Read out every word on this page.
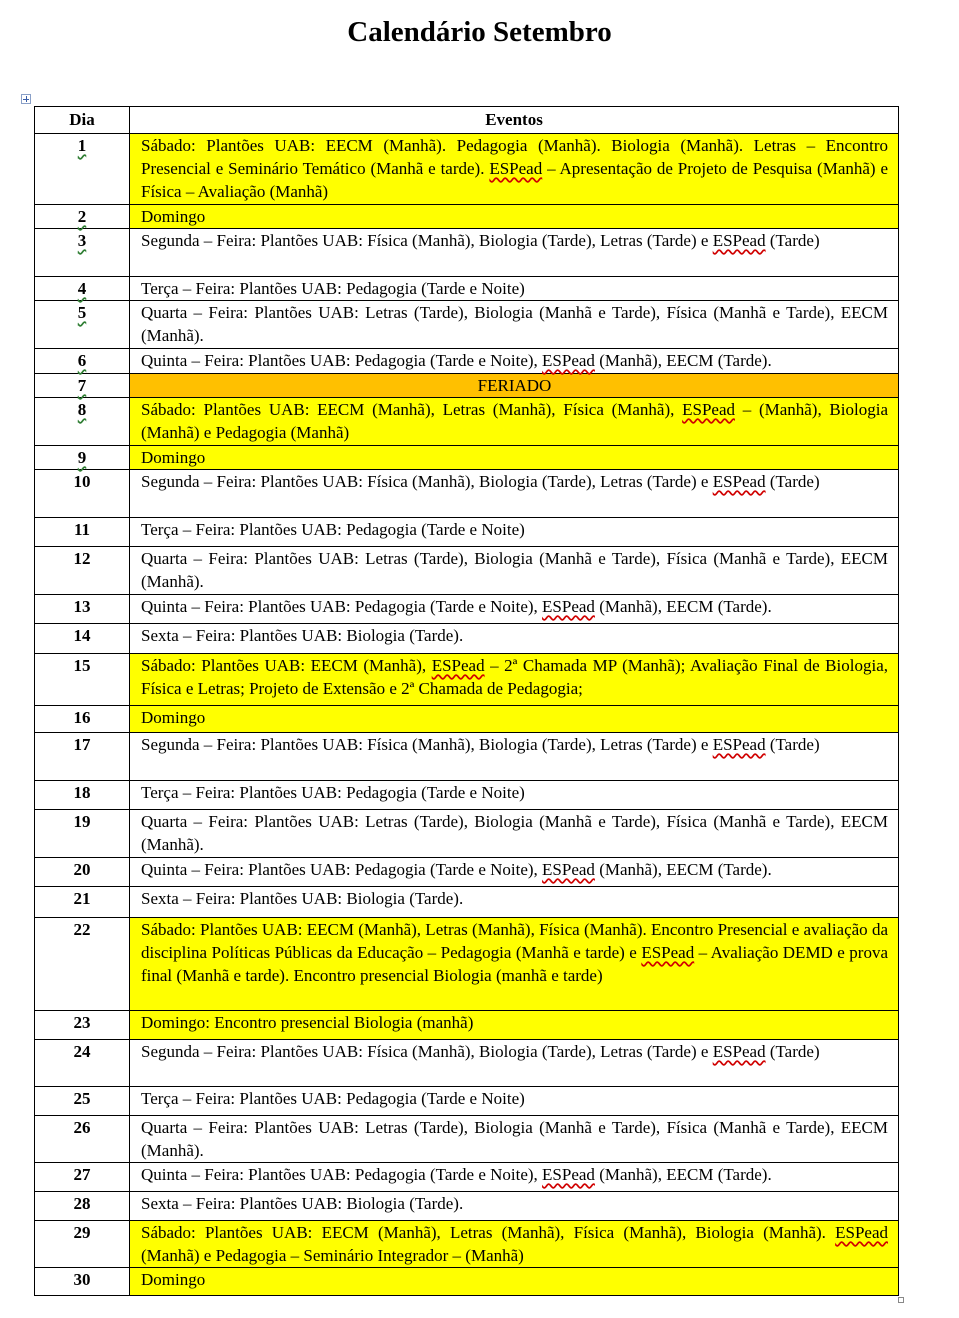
Calendário Setembro
Dia	Eventos
1	Sábado: Plantões UAB: EECM (Manhã). Pedagogia (Manhã). Biologia (Manhã). Letras – Encontro Presencial e Seminário Temático (Manhã e tarde). ESPead – Apresentação de Projeto de Pesquisa (Manhã) e Física – Avaliação (Manhã)
2	Domingo
3	Segunda – Feira: Plantões UAB: Física (Manhã), Biologia (Tarde), Letras (Tarde) e ESPead (Tarde)
4	Terça – Feira: Plantões UAB: Pedagogia (Tarde e Noite)
5	Quarta – Feira: Plantões UAB: Letras (Tarde), Biologia (Manhã e Tarde), Física (Manhã e Tarde), EECM (Manhã).
6	Quinta – Feira: Plantões UAB: Pedagogia (Tarde e Noite), ESPead (Manhã), EECM (Tarde).
7	FERIADO
8	Sábado: Plantões UAB: EECM (Manhã), Letras (Manhã), Física (Manhã), ESPead – (Manhã), Biologia (Manhã) e Pedagogia (Manhã)
9	Domingo
10	Segunda – Feira: Plantões UAB: Física (Manhã), Biologia (Tarde), Letras (Tarde) e ESPead (Tarde)
11	Terça – Feira: Plantões UAB: Pedagogia (Tarde e Noite)
12	Quarta – Feira: Plantões UAB: Letras (Tarde), Biologia (Manhã e Tarde), Física (Manhã e Tarde), EECM (Manhã).
13	Quinta – Feira: Plantões UAB: Pedagogia (Tarde e Noite), ESPead (Manhã), EECM (Tarde).
14	Sexta – Feira: Plantões UAB: Biologia (Tarde).
15	Sábado: Plantões UAB: EECM (Manhã), ESPead – 2ª Chamada MP (Manhã); Avaliação Final de Biologia, Física e Letras; Projeto de Extensão e 2ª Chamada de Pedagogia;
16	Domingo
17	Segunda – Feira: Plantões UAB: Física (Manhã), Biologia (Tarde), Letras (Tarde) e ESPead (Tarde)
18	Terça – Feira: Plantões UAB: Pedagogia (Tarde e Noite)
19	Quarta – Feira: Plantões UAB: Letras (Tarde), Biologia (Manhã e Tarde), Física (Manhã e Tarde), EECM (Manhã).
20	Quinta – Feira: Plantões UAB: Pedagogia (Tarde e Noite), ESPead (Manhã), EECM (Tarde).
21	Sexta – Feira: Plantões UAB: Biologia (Tarde).
22	Sábado: Plantões UAB: EECM (Manhã), Letras (Manhã), Física (Manhã). Encontro Presencial e avaliação da disciplina Políticas Públicas da Educação – Pedagogia (Manhã e tarde) e ESPead – Avaliação DEMD e prova final (Manhã e tarde). Encontro presencial Biologia (manhã e tarde)
23	Domingo: Encontro presencial Biologia (manhã)
24	Segunda – Feira: Plantões UAB: Física (Manhã), Biologia (Tarde), Letras (Tarde) e ESPead (Tarde)
25	Terça – Feira: Plantões UAB: Pedagogia (Tarde e Noite)
26	Quarta – Feira: Plantões UAB: Letras (Tarde), Biologia (Manhã e Tarde), Física (Manhã e Tarde), EECM (Manhã).
27	Quinta – Feira: Plantões UAB: Pedagogia (Tarde e Noite), ESPead (Manhã), EECM (Tarde).
28	Sexta – Feira: Plantões UAB: Biologia (Tarde).
29	Sábado: Plantões UAB: EECM (Manhã), Letras (Manhã), Física (Manhã), Biologia (Manhã). ESPead (Manhã) e Pedagogia – Seminário Integrador – (Manhã)
30	Domingo
